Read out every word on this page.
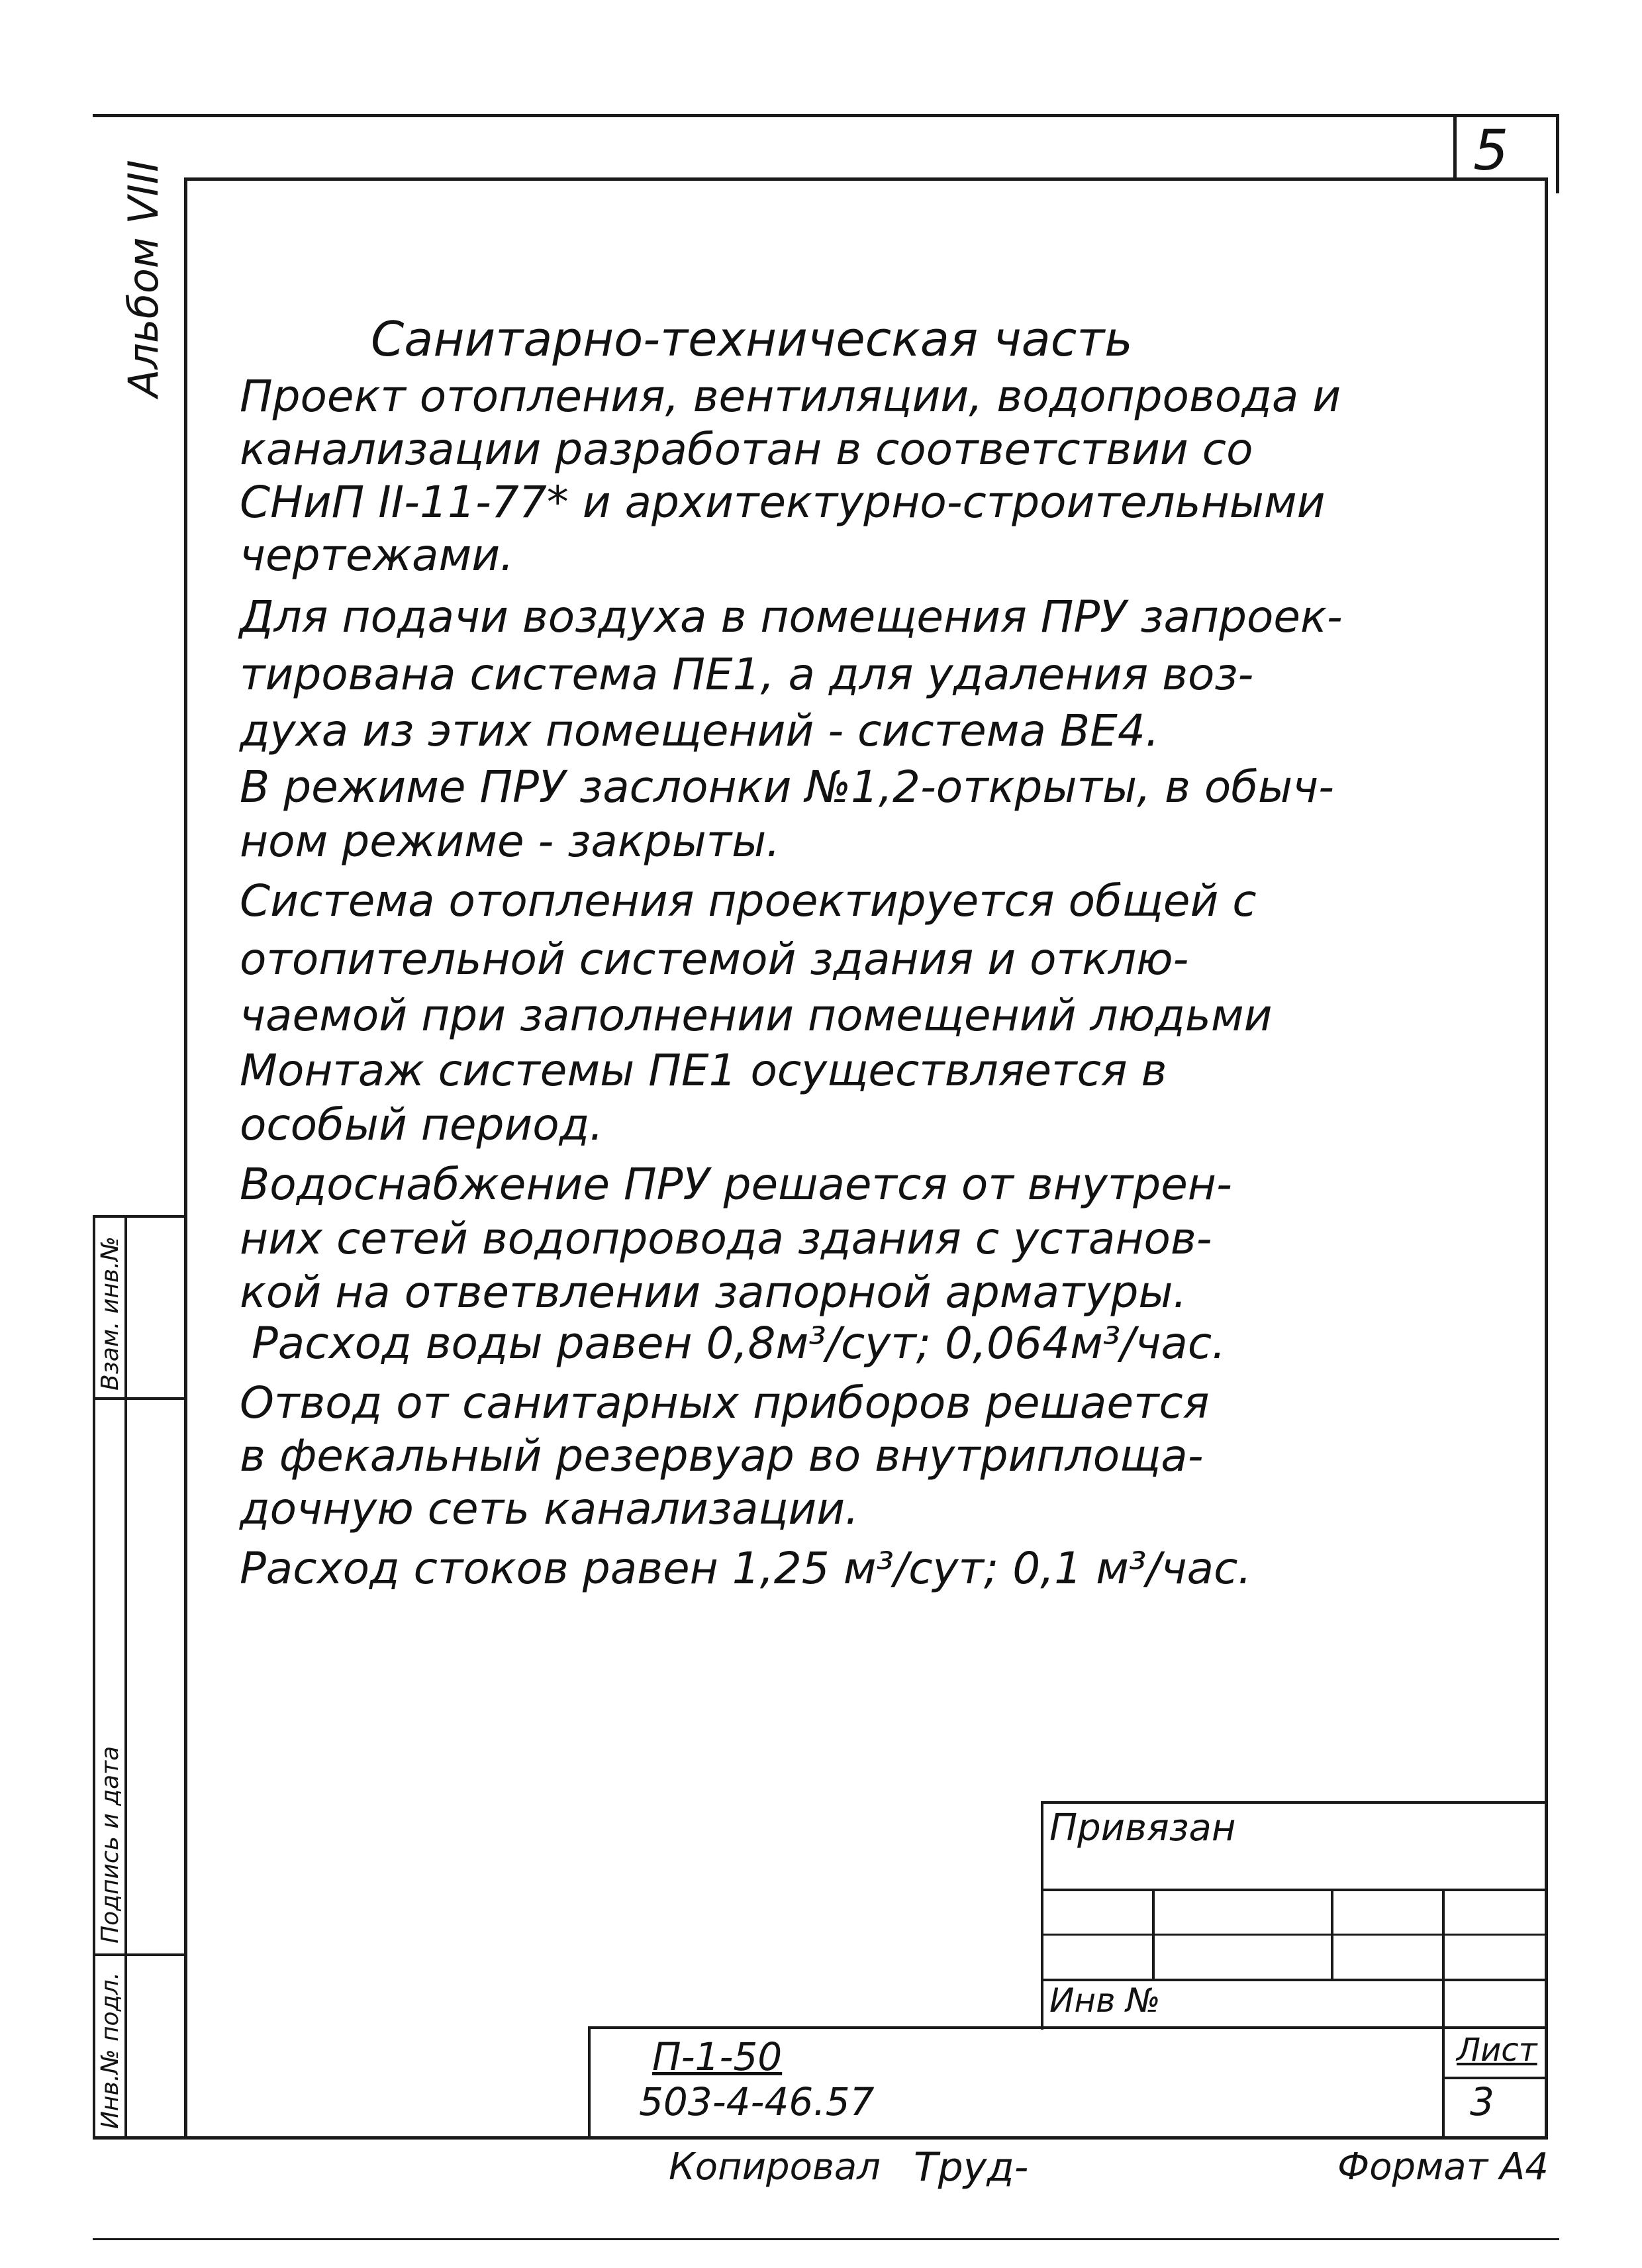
5
Альбом VIII
Взам. инв.№
Подпись и дата
Инв.№ подл.
Санитарно-техническая часть
Проект отопления, вентиляции, водопровода и
канализации разработан в соответствии со
СНиП II-11-77* и архитектурно-строительными
чертежами.
Для подачи воздуха в помещения ПРУ запроек-
тирована система ПЕ1, а для удаления воз-
духа из этих помещений - система ВЕ4.
В режиме ПРУ заслонки №1,2-открыты, в обыч-
ном режиме - закрыты.
Система отопления проектируется общей с
отопительной системой здания и отклю-
чаемой при заполнении помещений людьми
Монтаж системы ПЕ1 осуществляется в
особый период.
Водоснабжение ПРУ решается от внутрен-
них сетей водопровода здания с установ-
кой на ответвлении запорной арматуры.
Расход воды равен 0,8м³/сут; 0,064м³/час.
Отвод от санитарных приборов решается
в фекальный резервуар во внутриплоща-
дочную сеть канализации.
Расход стоков равен 1,25 м³/сут; 0,1 м³/час.
Привязан
Инв №
П-1-50
503-4-46.57
Лист
3
Копировал Труд-	Формат А4
